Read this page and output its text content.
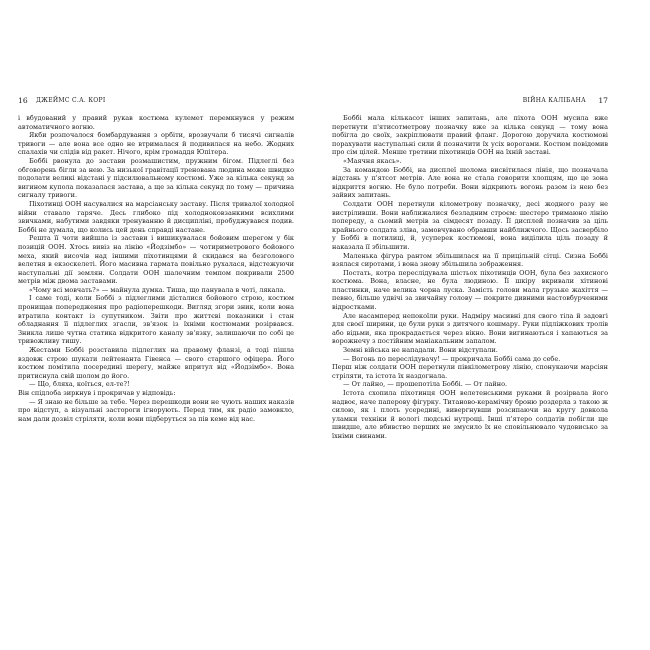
16 ДЖЕЙМС С.А. КОРІ

і вбудований у правий рукав костюма кулемет перемкнувся у режим автоматичного вогню.

Якби розпочалося бомбардування з орбіти, врозвучали б тисячі сигналів тривоги — але вона все одно не втрималася й подивилася на небо. Жодних спалахів чи слідів від ракет. Нічого, крім громаддя Юпітера.

Боббі рвонула до застави розмашистим, пружним бігом. Підлеглі без обговорень бігли за нею. За низької гравітації тренована людина може швидко подолати великі відстані у підсилювальному костюмі. Уже за кілька секунд за вигином купола показалася застава, а ще за кілька секунд по тому — причина сигналу тривоги.

Піхотинці ООН насувалися на марсіанську заставу. Після тривалої холодної війни ставало гаряче. Десь глибоко під холодноковзанкими всихлими звичками, набутими завдяки тренуванню й дисципліні, пробуджувався подив. Боббі не думала, що колись цей день справді настане.

Решта її чоти вийшла із застави і вишикувалася бойовим шерегом у бік позицій ООН. Хтось вивіз на лінію «Йодзімбо» — чотириметрового бойового меха, який височів над іншими піхотинцями й скидався на безголового велетня в екзоскелеті. Його масивна гармата повільно рухалася, відстежуючи наступальні дії землян. Солдати ООН шалечним темпом покривали 2500 метрів між двома заставами.

«Чому всі мовчать?» — майнула думка. Тиша, що панувала в чоті, лякала.

І саме тоді, коли Боббі з підлеглими дісталися бойового строю, костюм пронищав попередження про радіоперешкоди. Вигляд згори зник, коли вона втратила контакт із супутником. Звіти про життєві показники і стан обладнання її підлеглих згасли, зв'язок із їхніми костюмами розірвався. Зникла лише чутна статика відкритого каналу зв'язку, залишаючи по собі це тривожливу тишу.

Жестами Боббі розставила підлеглих на правому фланзі, а тоді пішла вздовж строю шукати лейтенанта Гівенса — свого старшого офіцера. Його костюм помітила посередині шерегу, майже впритул від «Йодзімбо». Вона притиснула свій шолом до його.

— Що, бляха, коїться, ел-те?!

Він спідлоба зиркнув і прокричав у відповідь:

— Я знаю не більше за тебе. Через перешкоди вони не чують наших наказів про відступ, а візуальні застороги ігнорують. Перед тим, як радіо замовкло, нам дали дозвіл стріляти, коли вони підберуться за пів кеме від нас.

ВІЙНА КАЛІБАНА 17

Боббі мала кількасот інших запитань, але піхота ООН мусила вже перетнути п'ятисотметрову позначку вже за кілька секунд — тому вона побігла до своїх, закріплювати правий фланг. Дорогою доручила костюмові порахувати наступальні сили й позначити їх усіх ворогами. Костюм повідомив про сім цілей. Менше третини піхотинців ООН на їхній заставі.

«Маячня якась».

За командою Боббі, на дисплеї шолома висвітилася лінія, що позначала відстань у п'ятсот метрів. Але вона не стала говорити хлопцям, що це зона відкриття вогню. Не було потреби. Вони відкриють вогонь разом із нею без зайвих запитань.

Солдати ООН перетнули кілометрову позначку, десі жодного разу не вистріливши. Вони наближалися безладним строєм: шестеро тримаюно лінію попереду, а сьомий метрів за сімдесят позаду. Її дисплей позначив за ціль крайнього солдата зліва, замовчувано обравши найближчого. Щось засвербіло у Боббі в потилиці, й, усуперек костюмові, вона виділила ціль позаду й наказала її збільшити.

Маленька фігура рантом збільшилася на її прицільній сітці. Сизна Боббі взялася сиротами, і вона знову збільшила зображення.

Постать, котра переслідувала шістьох піхотинців ООН, була без захисного костюма. Вона, власне, не була людиною. Її шкіру вкривали хітинові пластинки, наче велика чорна луска. Замість голови мала грузьке жахіття — певно, більше удвічі за звичайну голову — покрите дивними настовбурченими відростками.

Але насамперед непокоїли руки. Надміру масивні для свого тіла й задовгі для своєї ширини, це були руки з дитячого кошмару. Руки підліжкових тролів або відьми, яка прокрадається через вікно. Вони вигинаються і хапаються за ворожнечу з постійним маніакальним запалом.

Земні війська не нападали. Вони відступали.

— Вогонь по переслідувачу! — прокричала Боббі сама до себе.

Перш ніж солдати ООН перетнули півкілометрову лінію, спонукаючи марсіян стріляти, та істота їх наздогнала.

— От лайно, — прошепотіла Боббі. — От лайно.

Істота схопила піхотинця ООН велетенськими руками й розірвала його надвоє, наче паперову фігурку. Титаново-керамічну броню роздерла з такою ж силою, як і плоть усередині, вивергнувши розсипаючи на кругу довкола уламки техніки й вологі людські нутрощі. Інші п'ятеро солдатів побігли ще швидше, але вбивство перших не змусило їх не сповільнювало чудовисько за їхніми свинами.
